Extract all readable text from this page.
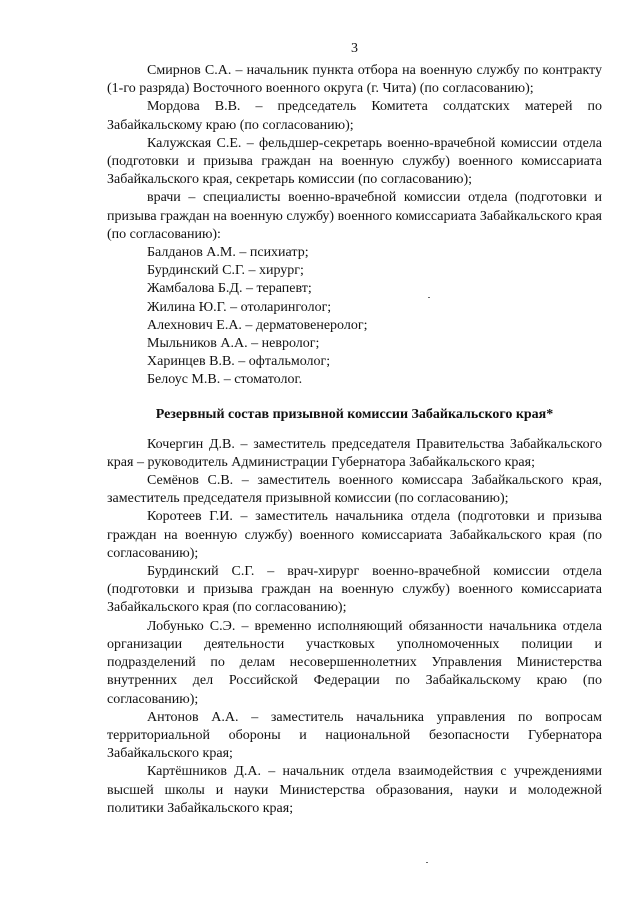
3

Смирнов С.А. – начальник пункта отбора на военную службу по контракту (1-го разряда) Восточного военного округа (г. Чита) (по согласованию);

Мордова В.В. – председатель Комитета солдатских матерей по Забайкальскому краю (по согласованию);

Калужская С.Е. – фельдшер-секретарь военно-врачебной комиссии отдела (подготовки и призыва граждан на военную службу) военного комиссариата Забайкальского края, секретарь комиссии (по согласованию);

врачи – специалисты военно-врачебной комиссии отдела (подготовки и призыва граждан на военную службу) военного комиссариата Забайкальского края (по согласованию):

Балданов А.М. – психиатр;
Бурдинский С.Г. – хирург;
Жамбалова Б.Д. – терапевт;
Жилина Ю.Г. – отоларинголог;
Алехнович Е.А. – дерматовенеролог;
Мыльников А.А. – невролог;
Харинцев В.В. – офтальмолог;
Белоус М.В. – стоматолог.
Резервный состав призывной комиссии Забайкальского края*

Кочергин Д.В. – заместитель председателя Правительства Забайкальского края – руководитель Администрации Губернатора Забайкальского края;

Семёнов С.В. – заместитель военного комиссара Забайкальского края, заместитель председателя призывной комиссии (по согласованию);

Коротеев Г.И. – заместитель начальника отдела (подготовки и призыва граждан на военную службу) военного комиссариата Забайкальского края (по согласованию);

Бурдинский С.Г. – врач-хирург военно-врачебной комиссии отдела (подготовки и призыва граждан на военную службу) военного комиссариата Забайкальского края (по согласованию);

Лобунько С.Э. – временно исполняющий обязанности начальника отдела организации деятельности участковых уполномоченных полиции и подразделений по делам несовершеннолетних Управления Министерства внутренних дел Российской Федерации по Забайкальскому краю (по согласованию);

Антонов А.А. – заместитель начальника управления по вопросам территориальной обороны и национальной безопасности Губернатора Забайкальского края;

Картёшников Д.А. – начальник отдела взаимодействия с учреждениями высшей школы и науки Министерства образования, науки и молодежной политики Забайкальского края;
